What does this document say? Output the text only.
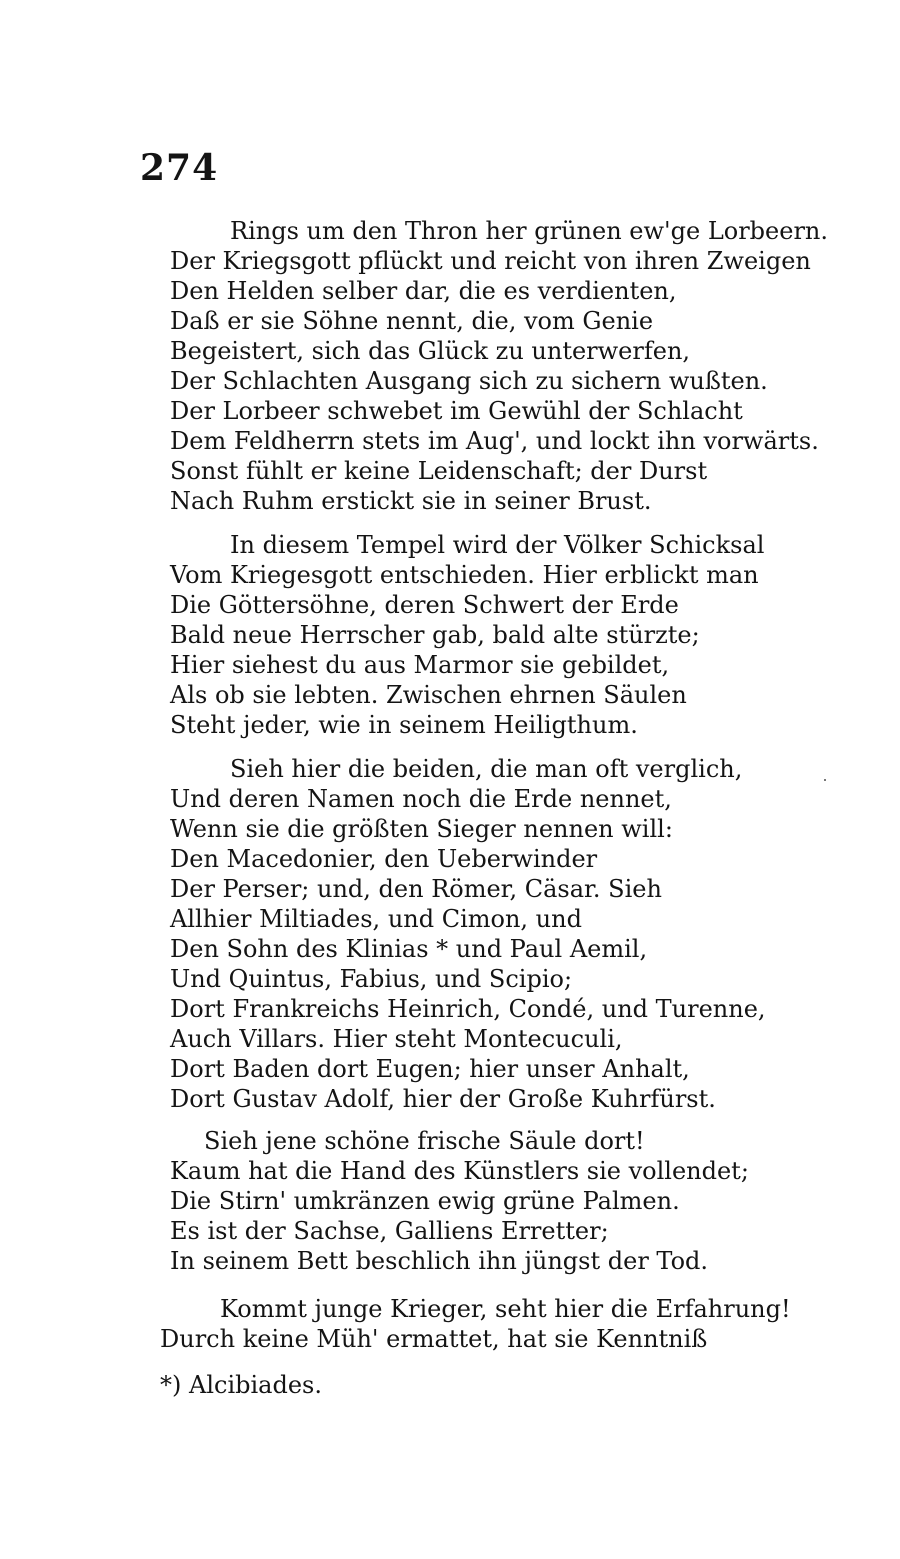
274
Rings um den Thron her grünen ew'ge Lorbeern.
Der Kriegsgott pflückt und reicht von ihren Zweigen
Den Helden selber dar, die es verdienten,
Daß er sie Söhne nennt, die, vom Genie
Begeistert, sich das Glück zu unterwerfen,
Der Schlachten Ausgang sich zu sichern wußten.
Der Lorbeer schwebet im Gewühl der Schlacht
Dem Feldherrn stets im Aug', und lockt ihn vorwärts.
Sonst fühlt er keine Leidenschaft; der Durst
Nach Ruhm erstickt sie in seiner Brust.
In diesem Tempel wird der Völker Schicksal
Vom Kriegesgott entschieden. Hier erblickt man
Die Göttersöhne, deren Schwert der Erde
Bald neue Herrscher gab, bald alte stürzte;
Hier siehest du aus Marmor sie gebildet,
Als ob sie lebten. Zwischen ehrnen Säulen
Steht jeder, wie in seinem Heiligthum.
Sieh hier die beiden, die man oft verglich,
Und deren Namen noch die Erde nennet,
Wenn sie die größten Sieger nennen will:
Den Macedonier, den Ueberwinder
Der Perser; und, den Römer, Cäsar. Sieh
Allhier Miltiades, und Cimon, und
Den Sohn des Klinias * und Paul Aemil,
Und Quintus, Fabius, und Scipio;
Dort Frankreichs Heinrich, Condé, und Turenne,
Auch Villars. Hier steht Montecuculi,
Dort Baden dort Eugen; hier unser Anhalt,
Dort Gustav Adolf, hier der Große Kuhrfürst.
Sieh jene schöne frische Säule dort!
Kaum hat die Hand des Künstlers sie vollendet;
Die Stirn' umkränzen ewig grüne Palmen.
Es ist der Sachse, Galliens Erretter;
In seinem Bett beschlich ihn jüngst der Tod.
Kommt junge Krieger, seht hier die Erfahrung!
Durch keine Müh' ermattet, hat sie Kenntniß
*) Alcibiades.
